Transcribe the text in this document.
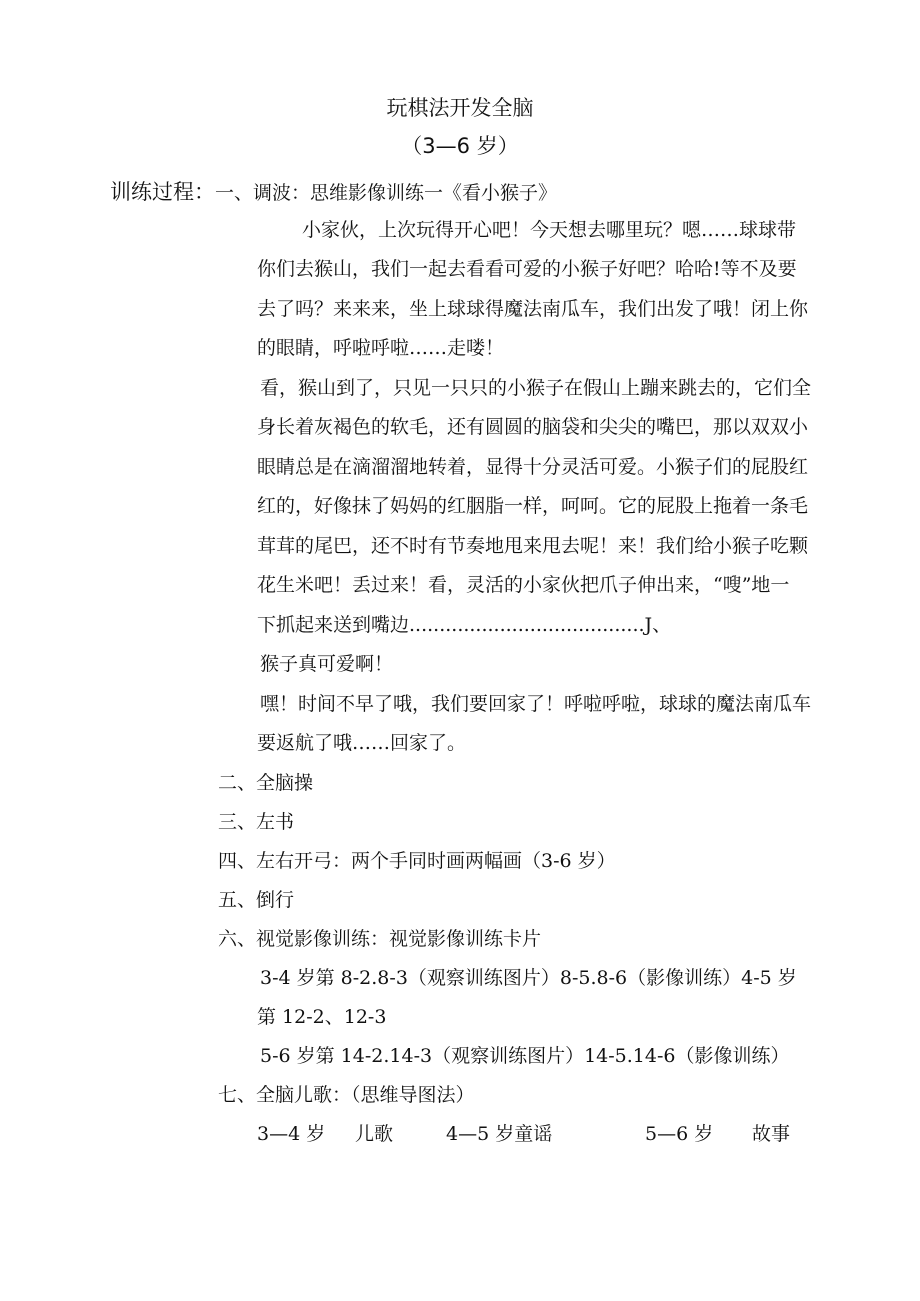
玩棋法开发全脑
（3—6 岁）
训练过程：一、调波：思维影像训练一《看小猴子》
小家伙，上次玩得开心吧！今天想去哪里玩？嗯……球球带
你们去猴山，我们一起去看看可爱的小猴子好吧？哈哈!等不及要
去了吗？来来来，坐上球球得魔法南瓜车，我们出发了哦！闭上你
的眼睛，呼啦呼啦……走喽！
看，猴山到了，只见一只只的小猴子在假山上蹦来跳去的，它们全
身长着灰褐色的软毛，还有圆圆的脑袋和尖尖的嘴巴，那以双双小
眼睛总是在滴溜溜地转着，显得十分灵活可爱。小猴子们的屁股红
红的，好像抹了妈妈的红胭脂一样，呵呵。它的屁股上拖着一条毛
茸茸的尾巴，还不时有节奏地甩来甩去呢！来！我们给小猴子吃颗
花生米吧！丢过来！看，灵活的小家伙把爪子伸出来，“嗖”地一
下抓起来送到嘴边.......................................J、
猴子真可爱啊！
嘿！时间不早了哦，我们要回家了！呼啦呼啦，球球的魔法南瓜车
要返航了哦……回家了。
二、全脑操
三、左书
四、左右开弓：两个手同时画两幅画（3-6 岁）
五、倒行
六、视觉影像训练：视觉影像训练卡片
3-4 岁第 8-2.8-3（观察训练图片）8-5.8-6（影像训练）4-5 岁
第 12-2、12-3
5-6 岁第 14-2.14-3（观察训练图片）14-5.14-6（影像训练）
七、全脑儿歌：（思维导图法）
3—4 岁 儿歌	4—5 岁童谣	5—6 岁 故事
